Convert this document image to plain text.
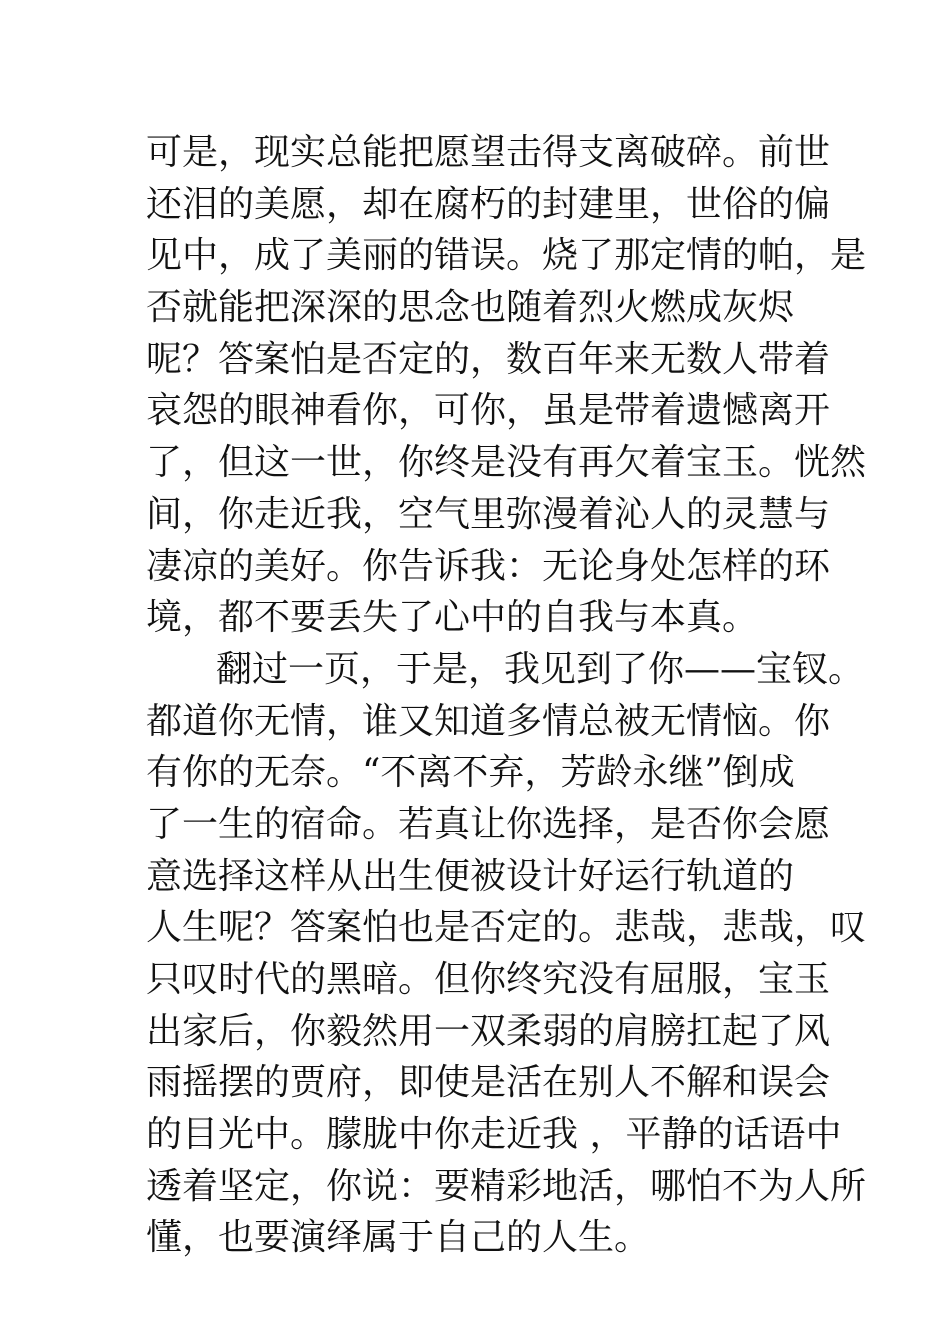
可是，现实总能把愿望击得支离破碎。前世
还泪的美愿，却在腐朽的封建里，世俗的偏
见中，成了美丽的错误。烧了那定情的帕，是
否就能把深深的思念也随着烈火燃成灰烬
呢？答案怕是否定的，数百年来无数人带着
哀怨的眼神看你，可你，虽是带着遗憾离开
了，但这一世，你终是没有再欠着宝玉。恍然
间，你走近我，空气里弥漫着沁人的灵慧与
凄凉的美好。你告诉我：无论身处怎样的环
境，都不要丢失了心中的自我与本真。
翻过一页，于是，我见到了你——宝钗。
都道你无情，谁又知道多情总被无情恼。你
有你的无奈。“不离不弃，芳龄永继”倒成
了一生的宿命。若真让你选择，是否你会愿
意选择这样从出生便被设计好运行轨道的
人生呢？答案怕也是否定的。悲哉，悲哉，叹
只叹时代的黑暗。但你终究没有屈服，宝玉
出家后，你毅然用一双柔弱的肩膀扛起了风
雨摇摆的贾府，即使是活在别人不解和误会
的目光中。朦胧中你走近我 ，平静的话语中
透着坚定，你说：要精彩地活，哪怕不为人所
懂，也要演绎属于自己的人生。
